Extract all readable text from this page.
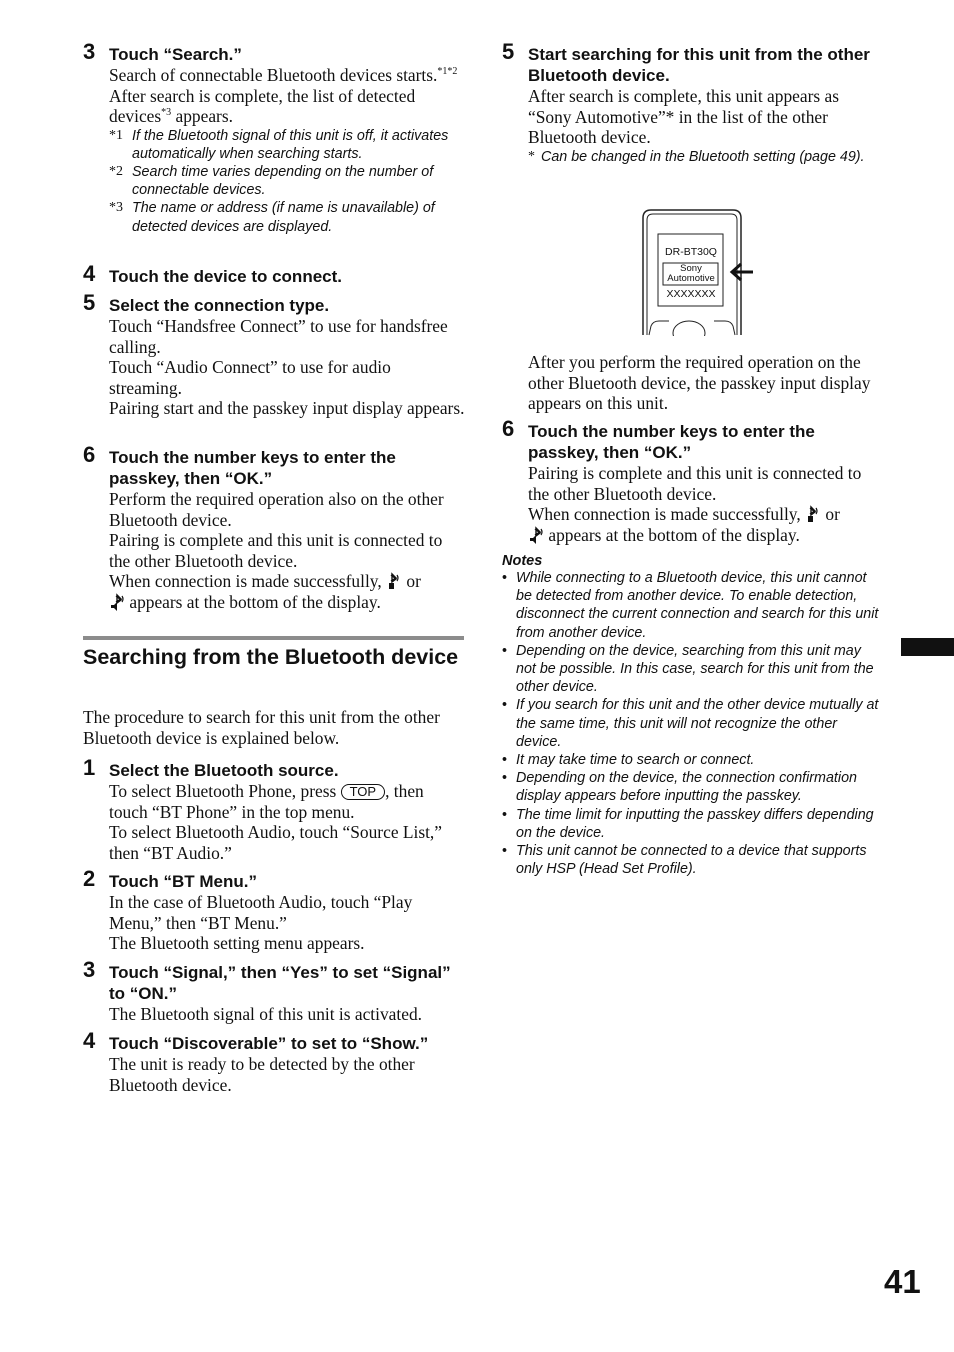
3 Touch “Search.”
Search of connectable Bluetooth devices starts.$^{*1*2}$
After search is complete, the list of detected devices$^{*3}$ appears.
*1 If the Bluetooth signal of this unit is off, it activates automatically when searching starts.
*2 Search time varies depending on the number of connectable devices.
*3 The name or address (if name is unavailable) of detected devices are displayed.
4 Touch the device to connect.
5 Select the connection type.
Touch “Handsfree Connect” to use for handsfree calling.
Touch “Audio Connect” to use for audio streaming.
Pairing start and the passkey input display appears.
6 Touch the number keys to enter the passkey, then “OK.”
Perform the required operation also on the other Bluetooth device.
Pairing is complete and this unit is connected to the other Bluetooth device.
When connection is made successfully,  or
appears at the bottom of the display.
Searching from the Bluetooth device
The procedure to search for this unit from the other Bluetooth device is explained below.
1 Select the Bluetooth source.
To select Bluetooth Phone, press TOP , then touch “BT Phone” in the top menu.
To select Bluetooth Audio, touch “Source List,” then “BT Audio.”
2 Touch “BT Menu.”
In the case of Bluetooth Audio, touch “Play Menu,” then “BT Menu.”
The Bluetooth setting menu appears.
3 Touch “Signal,” then “Yes” to set “Signal” to “ON.”
The Bluetooth signal of this unit is activated.
4 Touch “Discoverable” to set to “Show.”
The unit is ready to be detected by the other Bluetooth device.
5 Start searching for this unit from the other Bluetooth device.
After search is complete, this unit appears as “Sony Automotive”* in the list of the other Bluetooth device.
* Can be changed in the Bluetooth setting (page 49).
DR-BT30Q
Sony
Automotive
XXXXXXX
After you perform the required operation on the other Bluetooth device, the passkey input display appears on this unit.
6 Touch the number keys to enter the passkey, then “OK.”
Pairing is complete and this unit is connected to the other Bluetooth device.
When connection is made successfully,  or
appears at the bottom of the display.
Notes
• While connecting to a Bluetooth device, this unit cannot be detected from another device. To enable detection, disconnect the current connection and search for this unit from another device.
• Depending on the device, searching from this unit may not be possible. In this case, search for this unit from the other device.
• If you search for this unit and the other device mutually at the same time, this unit will not recognize the other device.
• It may take time to search or connect.
• Depending on the device, the connection confirmation display appears before inputting the passkey.
• The time limit for inputting the passkey differs depending on the device.
• This unit cannot be connected to a device that supports only HSP (Head Set Profile).
41
